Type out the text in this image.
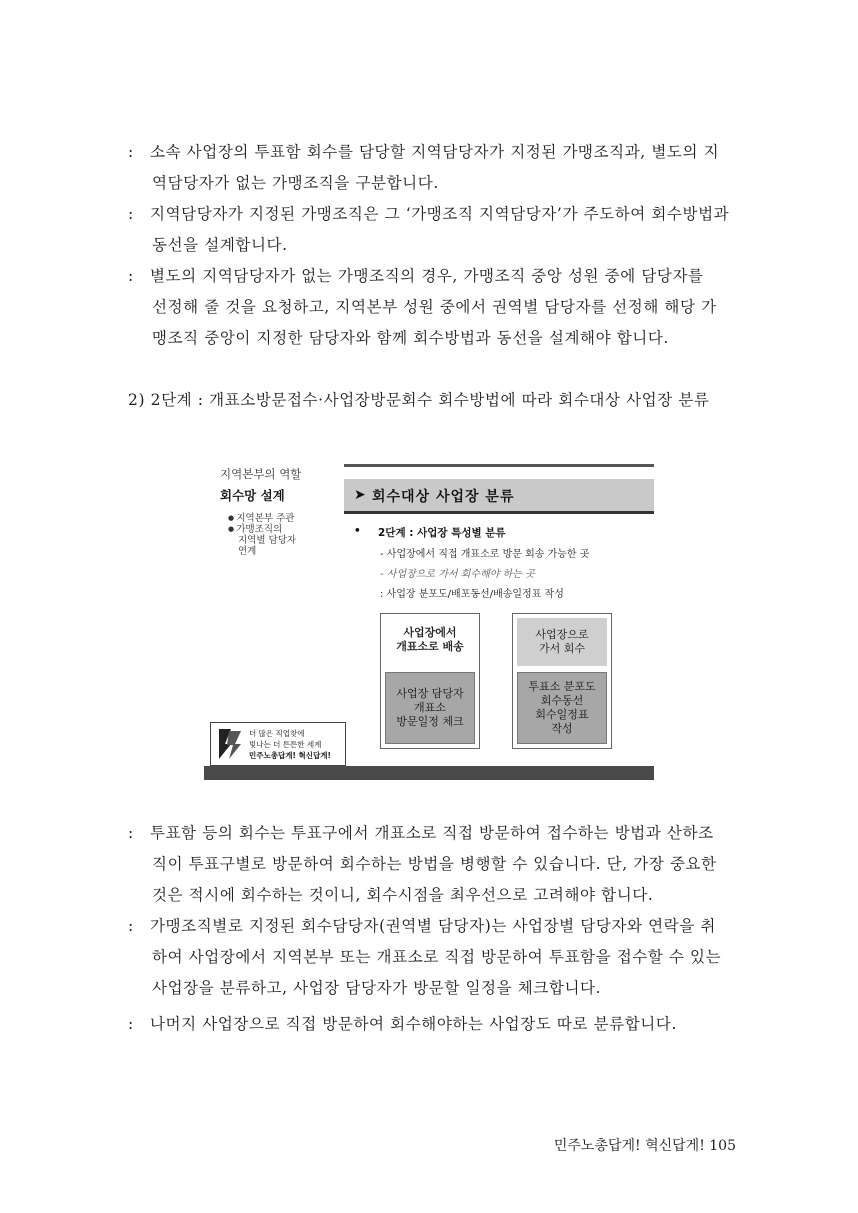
: 소속 사업장의 투표함 회수를 담당할 지역담당자가 지정된 가맹조직과, 별도의 지
역담당자가 없는 가맹조직을 구분합니다.
: 지역담당자가 지정된 가맹조직은 그 ‘가맹조직 지역담당자’가 주도하여 회수방법과
동선을 설계합니다.
: 별도의 지역담당자가 없는 가맹조직의 경우, 가맹조직 중앙 성원 중에 담당자를
선정해 줄 것을 요청하고, 지역본부 성원 중에서 권역별 담당자를 선정해 해당 가
맹조직 중앙이 지정한 담당자와 함께 회수방법과 동선을 설계해야 합니다.
2) 2단계 : 개표소방문접수·사업장방문회수 회수방법에 따라 회수대상 사업장 분류
지역본부의 역할
회수망 설계
● 지역본부 주관
● 가맹조직의
지역별 담당자
연계
➤ 회수대상 사업장 분류
• 2단계 : 사업장 특성별 분류
- 사업장에서 직접 개표소로 방문 회송 가능한 곳
- 사업장으로 가서 회수해야 하는 곳
: 사업장 분포도/배포동선/배송일정표 작성
사업장에서
개표소로 배송
사업장 담당자
개표소
방문일정 체크
사업장으로
가서 회수
투표소 분포도
회수동선
회수일정표
작성
더 많은 직업찾에
빛나는 더 튼튼한 세계
민주노총답게! 혁신답게!
: 투표함 등의 회수는 투표구에서 개표소로 직접 방문하여 접수하는 방법과 산하조
직이 투표구별로 방문하여 회수하는 방법을 병행할 수 있습니다. 단, 가장 중요한
것은 적시에 회수하는 것이니, 회수시점을 최우선으로 고려해야 합니다.
: 가맹조직별로 지정된 회수담당자(권역별 담당자)는 사업장별 담당자와 연락을 취
하여 사업장에서 지역본부 또는 개표소로 직접 방문하여 투표함을 접수할 수 있는
사업장을 분류하고, 사업장 담당자가 방문할 일정을 체크합니다.
: 나머지 사업장으로 직접 방문하여 회수해야하는 사업장도 따로 분류합니다.
민주노총답게! 혁신답게! 105
